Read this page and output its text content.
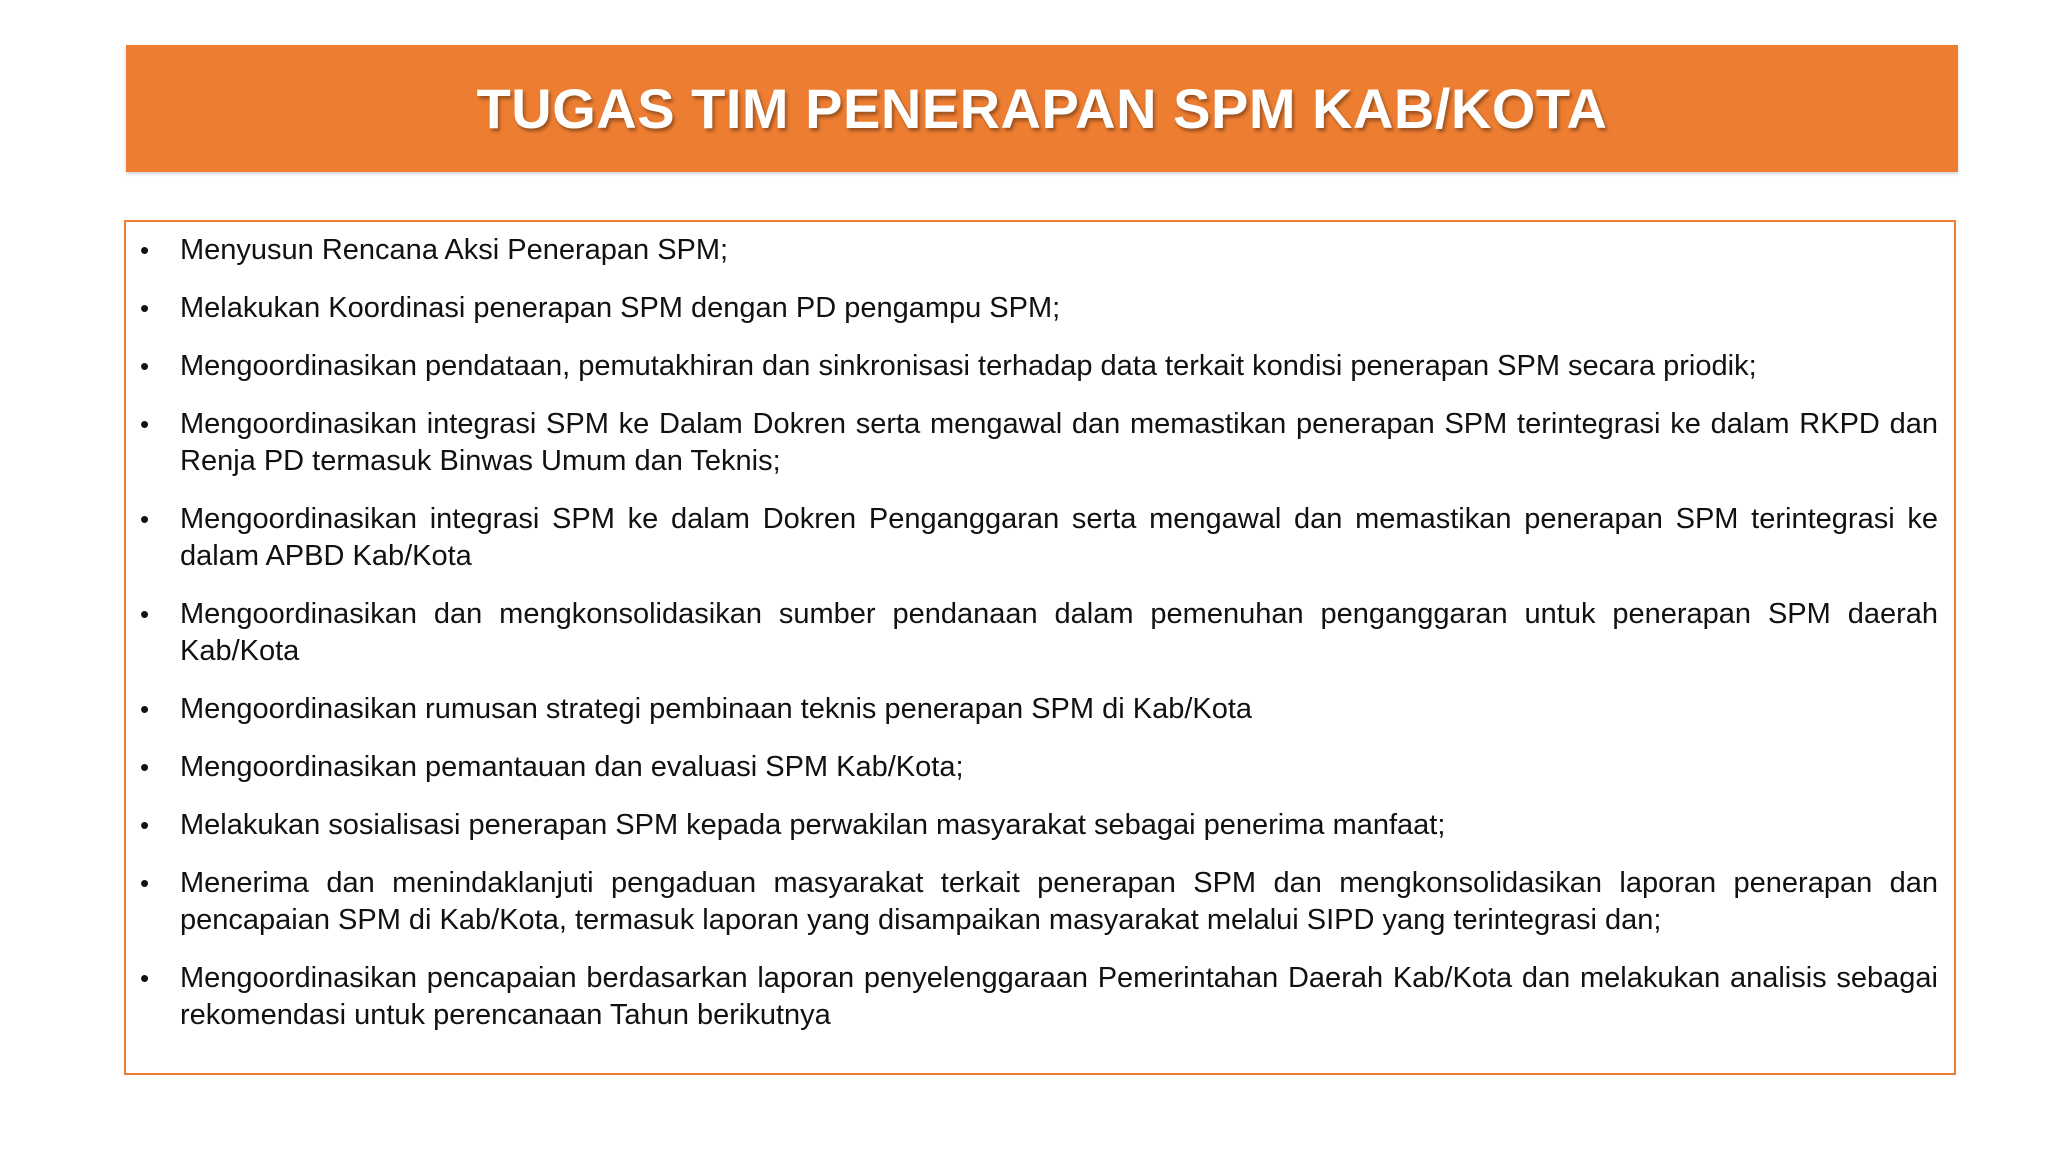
TUGAS TIM PENERAPAN SPM KAB/KOTA
•	Menyusun Rencana Aksi Penerapan SPM;
•	Melakukan Koordinasi penerapan SPM dengan PD pengampu SPM;
•	Mengoordinasikan pendataan, pemutakhiran dan sinkronisasi terhadap data terkait kondisi penerapan SPM secara priodik;
•	Mengoordinasikan integrasi SPM ke Dalam Dokren serta mengawal dan memastikan penerapan SPM terintegrasi ke dalam RKPD dan Renja PD termasuk Binwas Umum dan Teknis;
•	Mengoordinasikan integrasi SPM ke dalam Dokren Penganggaran serta mengawal dan memastikan penerapan SPM terintegrasi ke dalam APBD Kab/Kota
•	Mengoordinasikan dan mengkonsolidasikan sumber pendanaan dalam pemenuhan penganggaran untuk penerapan SPM daerah Kab/Kota
•	Mengoordinasikan rumusan strategi pembinaan teknis penerapan SPM di Kab/Kota
•	Mengoordinasikan pemantauan dan evaluasi SPM Kab/Kota;
•	Melakukan sosialisasi penerapan SPM kepada perwakilan masyarakat sebagai penerima manfaat;
•	Menerima dan menindaklanjuti pengaduan masyarakat terkait penerapan SPM dan mengkonsolidasikan laporan penerapan dan pencapaian SPM di Kab/Kota, termasuk laporan yang disampaikan masyarakat melalui SIPD yang terintegrasi dan;
•	Mengoordinasikan pencapaian berdasarkan laporan penyelenggaraan Pemerintahan Daerah Kab/Kota dan melakukan analisis sebagai rekomendasi untuk perencanaan Tahun berikutnya
